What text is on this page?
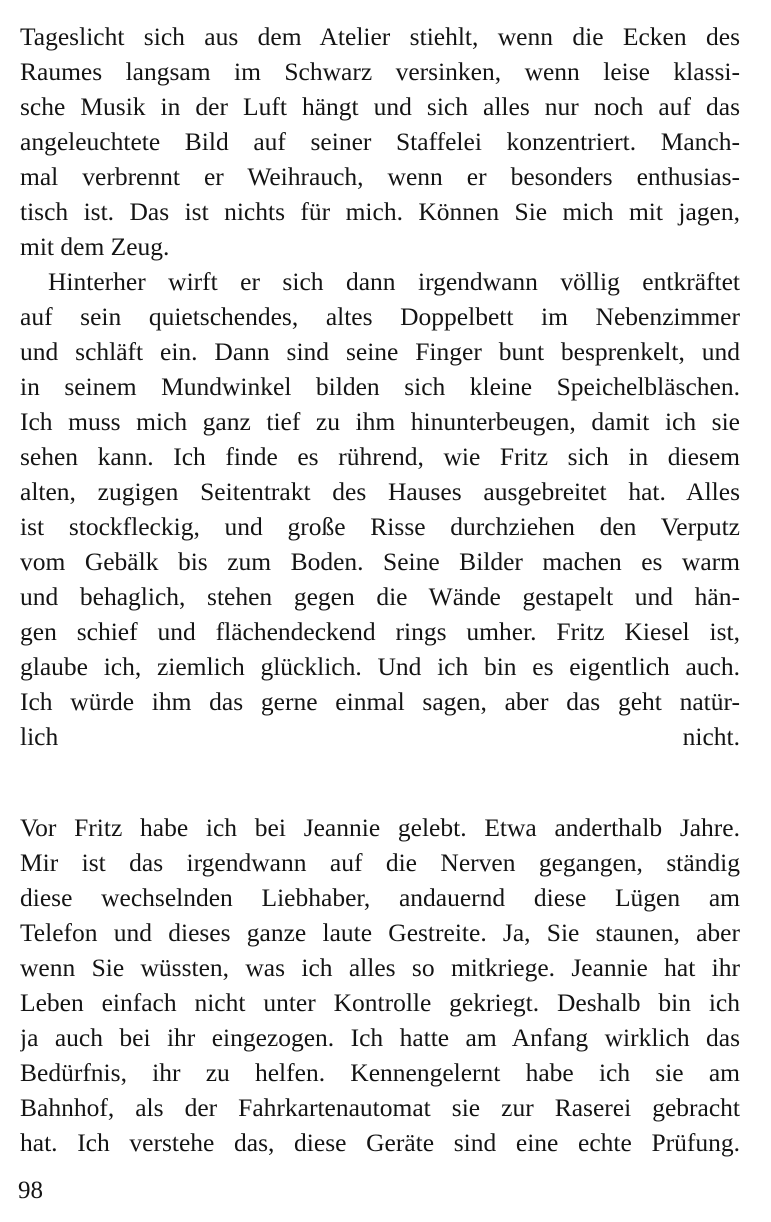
Tageslicht sich aus dem Atelier stiehlt, wenn die Ecken des
Raumes langsam im Schwarz versinken, wenn leise klassi-
sche Musik in der Luft hängt und sich alles nur noch auf das
angeleuchtete Bild auf seiner Staffelei konzentriert. Manch-
mal verbrennt er Weihrauch, wenn er besonders enthusias-
tisch ist. Das ist nichts für mich. Können Sie mich mit jagen,
mit dem Zeug.
Hinterher wirft er sich dann irgendwann völlig entkräftet
auf sein quietschendes, altes Doppelbett im Nebenzimmer
und schläft ein. Dann sind seine Finger bunt besprenkelt, und
in seinem Mundwinkel bilden sich kleine Speichelbläschen.
Ich muss mich ganz tief zu ihm hinunterbeugen, damit ich sie
sehen kann. Ich finde es rührend, wie Fritz sich in diesem
alten, zugigen Seitentrakt des Hauses ausgebreitet hat. Alles
ist stockfleckig, und große Risse durchziehen den Verputz
vom Gebälk bis zum Boden. Seine Bilder machen es warm
und behaglich, stehen gegen die Wände gestapelt und hän-
gen schief und flächendeckend rings umher. Fritz Kiesel ist,
glaube ich, ziemlich glücklich. Und ich bin es eigentlich auch.
Ich würde ihm das gerne einmal sagen, aber das geht natür-
lich nicht.
Vor Fritz habe ich bei Jeannie gelebt. Etwa anderthalb Jahre.
Mir ist das irgendwann auf die Nerven gegangen, ständig
diese wechselnden Liebhaber, andauernd diese Lügen am
Telefon und dieses ganze laute Gestreite. Ja, Sie staunen, aber
wenn Sie wüssten, was ich alles so mitkriege. Jeannie hat ihr
Leben einfach nicht unter Kontrolle gekriegt. Deshalb bin ich
ja auch bei ihr eingezogen. Ich hatte am Anfang wirklich das
Bedürfnis, ihr zu helfen. Kennengelernt habe ich sie am
Bahnhof, als der Fahrkartenautomat sie zur Raserei gebracht
hat. Ich verstehe das, diese Geräte sind eine echte Prüfung.
98
